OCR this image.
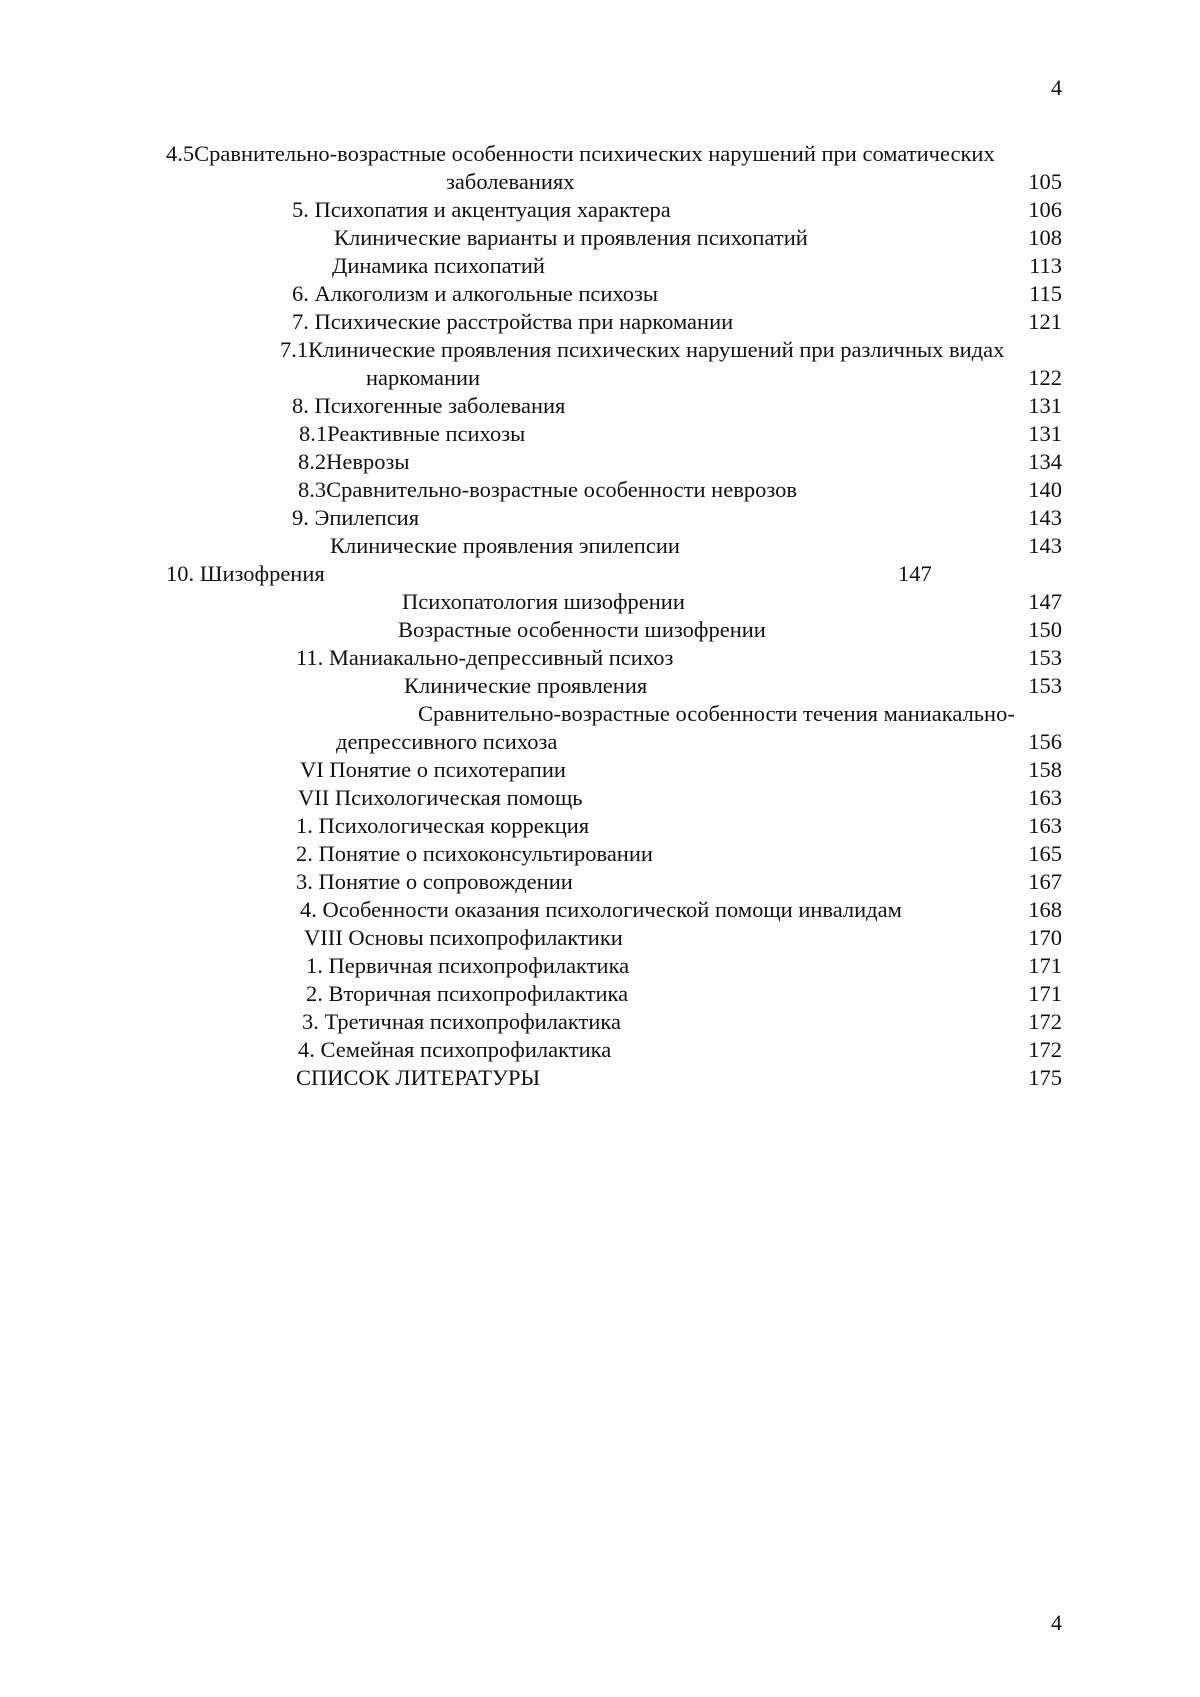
4
4.5Сравнительно-возрастные особенности психических нарушений при соматических
заболеваниях	105
5. Психопатия и акцентуация характера	106
Клинические варианты и проявления психопатий	108
Динамика психопатий	113
6. Алкоголизм и алкогольные психозы	115
7. Психические расстройства при наркомании	121
7.1Клинические проявления психических нарушений при различных видах
наркомании	122
8. Психогенные заболевания	131
8.1Реактивные психозы	131
8.2Неврозы	134
8.3Сравнительно-возрастные особенности неврозов	140
9. Эпилепсия	143
Клинические проявления эпилепсии	143
10. Шизофрения	147
Психопатология шизофрении	147
Возрастные особенности шизофрении	150
11. Маниакально-депрессивный психоз	153
Клинические проявления	153
Сравнительно-возрастные особенности течения маниакально-
депрессивного психоза	156
VI Понятие о психотерапии	158
VII Психологическая помощь	163
1. Психологическая коррекция	163
2. Понятие о психоконсультировании	165
3. Понятие о сопровождении	167
4. Особенности оказания психологической помощи инвалидам	168
VIII Основы психопрофилактики	170
1. Первичная психопрофилактика	171
2. Вторичная психопрофилактика	171
3. Третичная психопрофилактика	172
4. Семейная психопрофилактика	172
СПИСОК ЛИТЕРАТУРЫ	175
4
